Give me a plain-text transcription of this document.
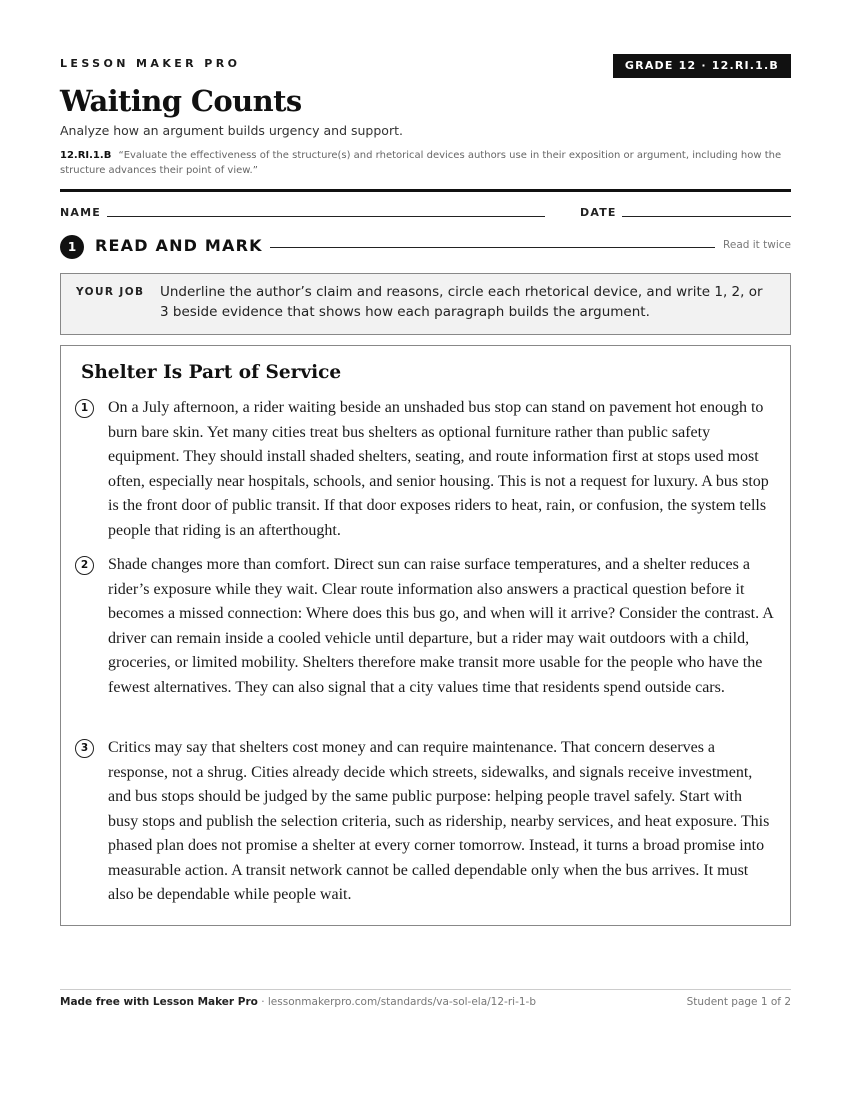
LESSON MAKER PRO	GRADE 12 · 12.RI.1.B
Waiting Counts
Analyze how an argument builds urgency and support.
12.RI.1.B “Evaluate the effectiveness of the structure(s) and rhetorical devices authors use in their exposition or argument, including how the structure advances their point of view.”
NAME	DATE
1	READ AND MARK	Read it twice
YOUR JOB Underline the author’s claim and reasons, circle each rhetorical device, and write 1, 2, or 3 beside evidence that shows how each paragraph builds the argument.
Shelter Is Part of Service
1	On a July afternoon, a rider waiting beside an unshaded bus stop can stand on pavement hot enough to burn bare skin. Yet many cities treat bus shelters as optional furniture rather than public safety equipment. They should install shaded shelters, seating, and route information first at stops used most often, especially near hospitals, schools, and senior housing. This is not a request for luxury. A bus stop is the front door of public transit. If that door exposes riders to heat, rain, or confusion, the system tells people that riding is an afterthought.

2	Shade changes more than comfort. Direct sun can raise surface temperatures, and a shelter reduces a rider’s exposure while they wait. Clear route information also answers a practical question before it becomes a missed connection: Where does this bus go, and when will it arrive? Consider the contrast. A driver can remain inside a cooled vehicle until departure, but a rider may wait outdoors with a child, groceries, or limited mobility. Shelters therefore make transit more usable for the people who have the fewest alternatives. They can also signal that a city values time that residents spend outside cars.

3	Critics may say that shelters cost money and can require maintenance. That concern deserves a response, not a shrug. Cities already decide which streets, sidewalks, and signals receive investment, and bus stops should be judged by the same public purpose: helping people travel safely. Start with busy stops and publish the selection criteria, such as ridership, nearby services, and heat exposure. This phased plan does not promise a shelter at every corner tomorrow. Instead, it turns a broad promise into measurable action. A transit network cannot be called dependable only when the bus arrives. It must also be dependable while people wait.

Made free with Lesson Maker Pro · lessonmakerpro.com/standards/va-sol-ela/12-ri-1-b	Student page 1 of 2
